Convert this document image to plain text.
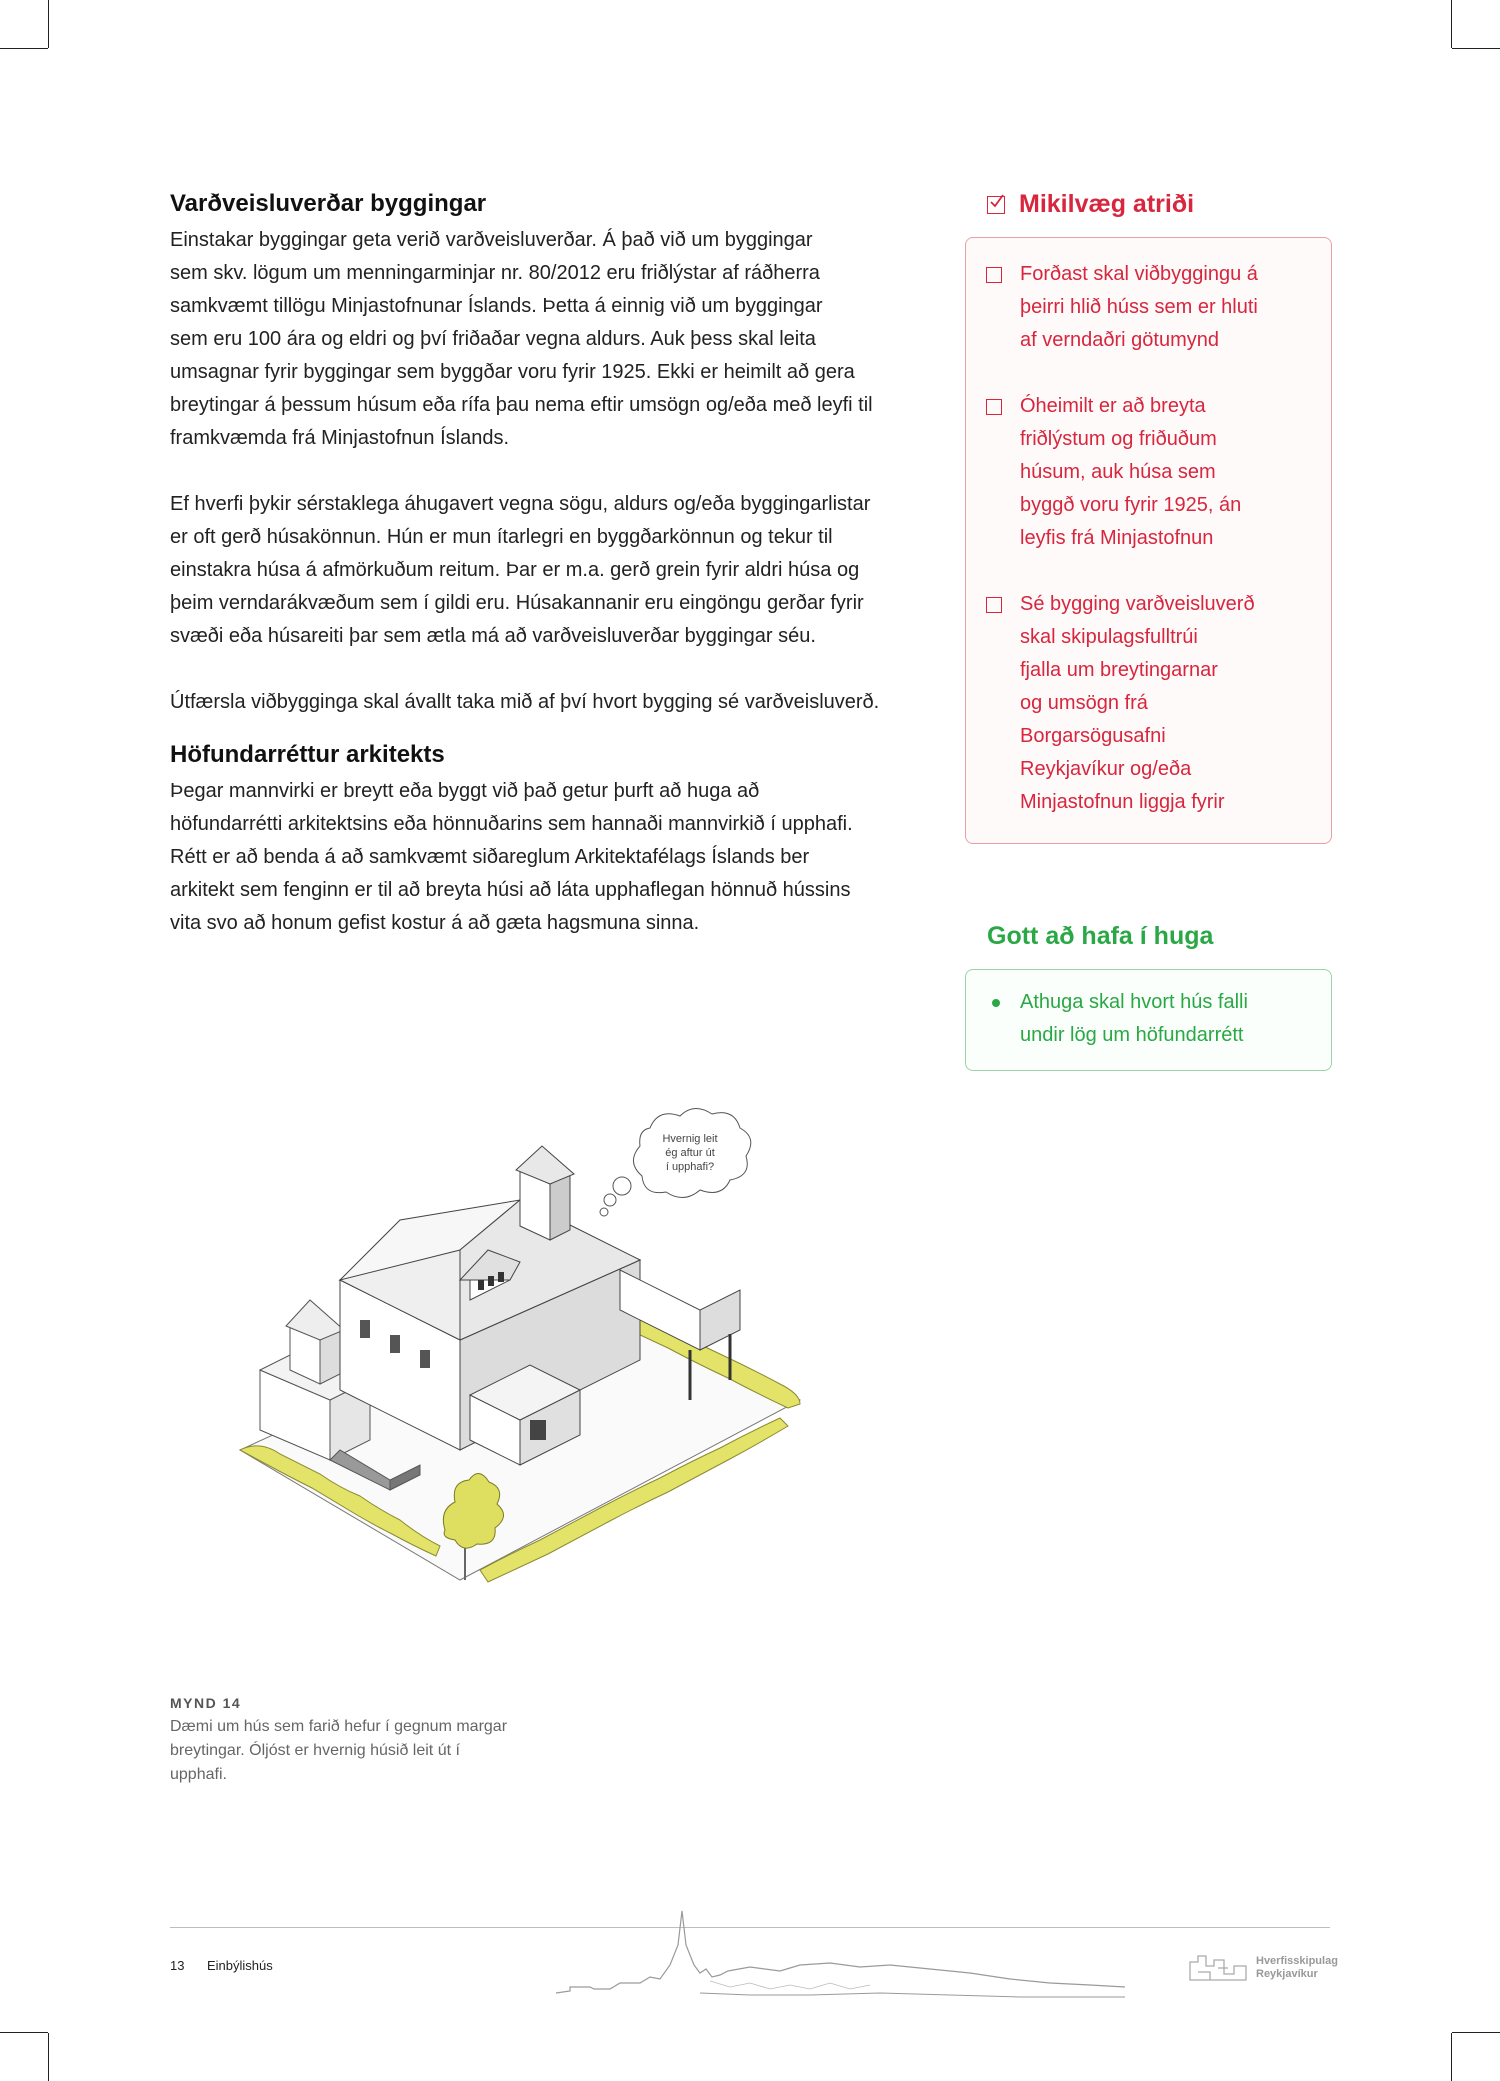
Varðveisluverðar byggingar

Einstakar byggingar geta verið varðveisluverðar. Á það við um byggingar
sem skv. lögum um menningarminjar nr. 80/2012 eru friðlýstar af ráðherra
samkvæmt tillögu Minjastofnunar Íslands. Þetta á einnig við um byggingar
sem eru 100 ára og eldri og því friðaðar vegna aldurs. Auk þess skal leita
umsagnar fyrir byggingar sem byggðar voru fyrir 1925. Ekki er heimilt að gera
breytingar á þessum húsum eða rífa þau nema eftir umsögn og/eða með leyfi til
framkvæmda frá Minjastofnun Íslands.

Ef hverfi þykir sérstaklega áhugavert vegna sögu, aldurs og/eða byggingarlistar
er oft gerð húsakönnun. Hún er mun ítarlegri en byggðarkönnun og tekur til
einstakra húsa á afmörkuðum reitum. Þar er m.a. gerð grein fyrir aldri húsa og
þeim verndarákvæðum sem í gildi eru. Húsakannanir eru eingöngu gerðar fyrir
svæði eða húsareiti þar sem ætla má að varðveisluverðar byggingar séu.

Útfærsla viðbygginga skal ávallt taka mið af því hvort bygging sé varðveisluverð.

Höfundarréttur arkitekts

Þegar mannvirki er breytt eða byggt við það getur þurft að huga að
höfundarrétti arkitektsins eða hönnuðarins sem hannaði mannvirkið í upphafi.
Rétt er að benda á að samkvæmt siðareglum Arkitektafélags Íslands ber
arkitekt sem fenginn er til að breyta húsi að láta upphaflegan hönnuð hússins
vita svo að honum gefist kostur á að gæta hagsmuna sinna.

Mikilvæg atriði
Forðast skal viðbyggingu á
þeirri hlið húss sem er hluti
af verndaðri götumynd
Óheimilt er að breyta
friðlýstum og friðuðum
húsum, auk húsa sem
byggð voru fyrir 1925, án
leyfis frá Minjastofnun
Sé bygging varðveisluverð
skal skipulagsfulltrúi
fjalla um breytingarnar
og umsögn frá
Borgarsögusafni
Reykjavíkur og/eða
Minjastofnun liggja fyrir
Gott að hafa í huga
Athuga skal hvort hús falli
undir lög um höfundarrétt
Hvernig leit
ég aftur út
í upphafi?
MYND 14
Dæmi um hús sem farið hefur í gegnum margar
breytingar. Óljóst er hvernig húsið leit út í
upphafi.
13 Einbýlishús	Hverfisskipulag
Reykjavíkur
